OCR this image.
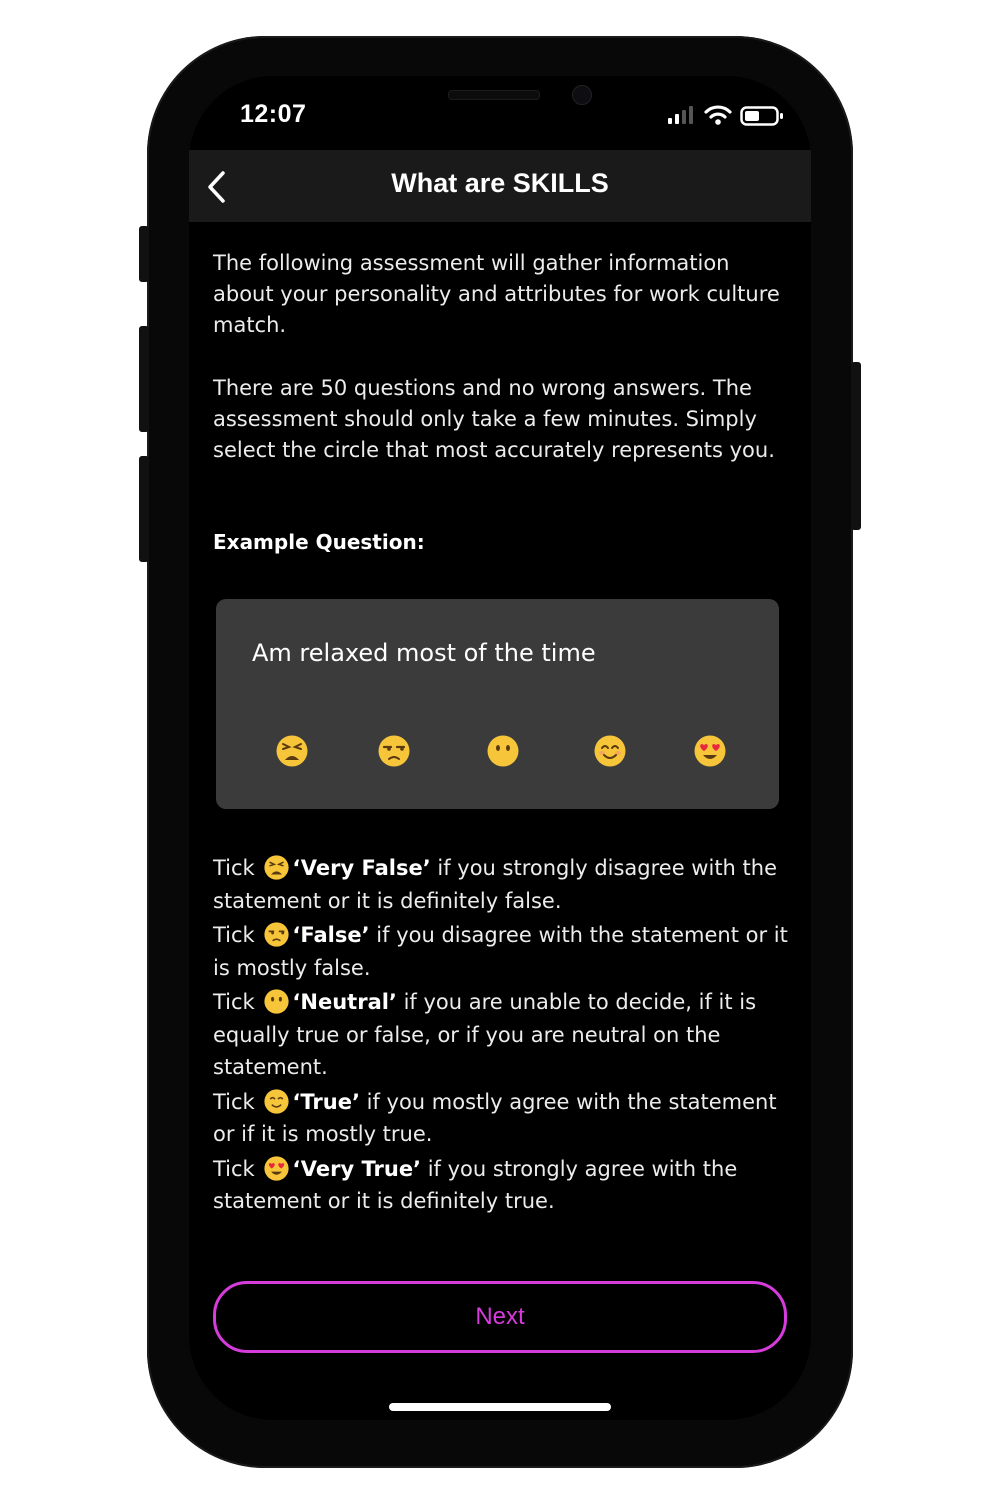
12:07
What are SKILLS

The following assessment will gather information about your personality and attributes for work culture match.

There are 50 questions and no wrong answers. The assessment should only take a few minutes. Simply select the circle that most accurately represents you.

Example Question:
Am relaxed most of the time
Tick ‘Very False’ if you strongly disagree with the statement or it is definitely false.
Tick ‘False’ if you disagree with the statement or it is mostly false.
Tick ‘Neutral’ if you are unable to decide, if it is equally true or false, or if you are neutral on the statement.
Tick ‘True’ if you mostly agree with the statement or if it is mostly true.
Tick ‘Very True’ if you strongly agree with the statement or it is definitely true.
Next
